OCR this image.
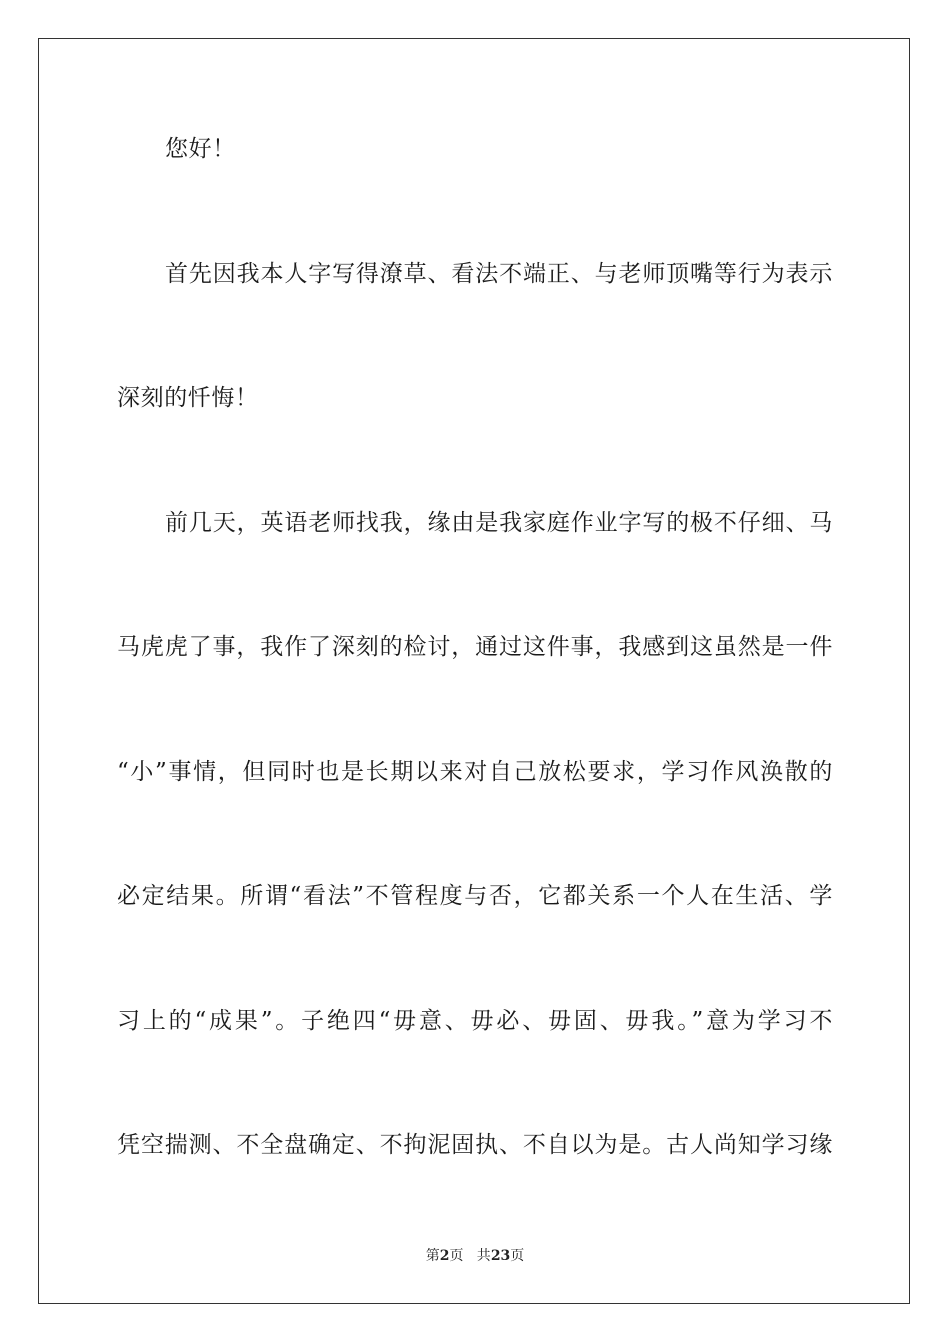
您好！
首先因我本人字写得潦草、看法不端正、与老师顶嘴等行为表示
深刻的忏悔！
前几天，英语老师找我，缘由是我家庭作业字写的极不仔细、马
马虎虎了事，我作了深刻的检讨，通过这件事，我感到这虽然是一件
“小”事情，但同时也是长期以来对自己放松要求，学习作风涣散的
必定结果。所谓“看法”不管程度与否，它都关系一个人在生活、学
习上的“成果”。子绝四“毋意、毋必、毋固、毋我。”意为学习不
凭空揣测、不全盘确定、不拘泥固执、不自以为是。古人尚知学习缘
第2页   共23页
